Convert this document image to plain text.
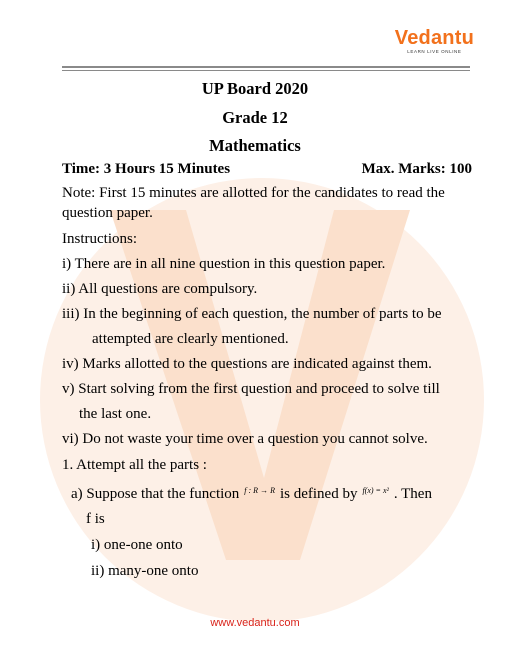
Vedantu
LEARN LIVE ONLINE
UP Board 2020
Grade 12
Mathematics
Time: 3 Hours 15 Minutes	Max. Marks: 100
Note: First 15 minutes are allotted for the candidates to read the
question paper.
Instructions:
i) There are in all nine question in this question paper.
ii) All questions are compulsory.
iii) In the beginning of each question, the number of parts to be
attempted are clearly mentioned.
iv) Marks allotted to the questions are indicated against them.
v) Start solving from the first question and proceed to solve till
the last one.
vi) Do not waste your time over a question you cannot solve.
1. Attempt all the parts :
a) Suppose that the function $^{f : R \to R}$ is defined by $^{f(x) = x^2}$ . Then
f is
i) one-one onto
ii) many-one onto
www.vedantu.com
